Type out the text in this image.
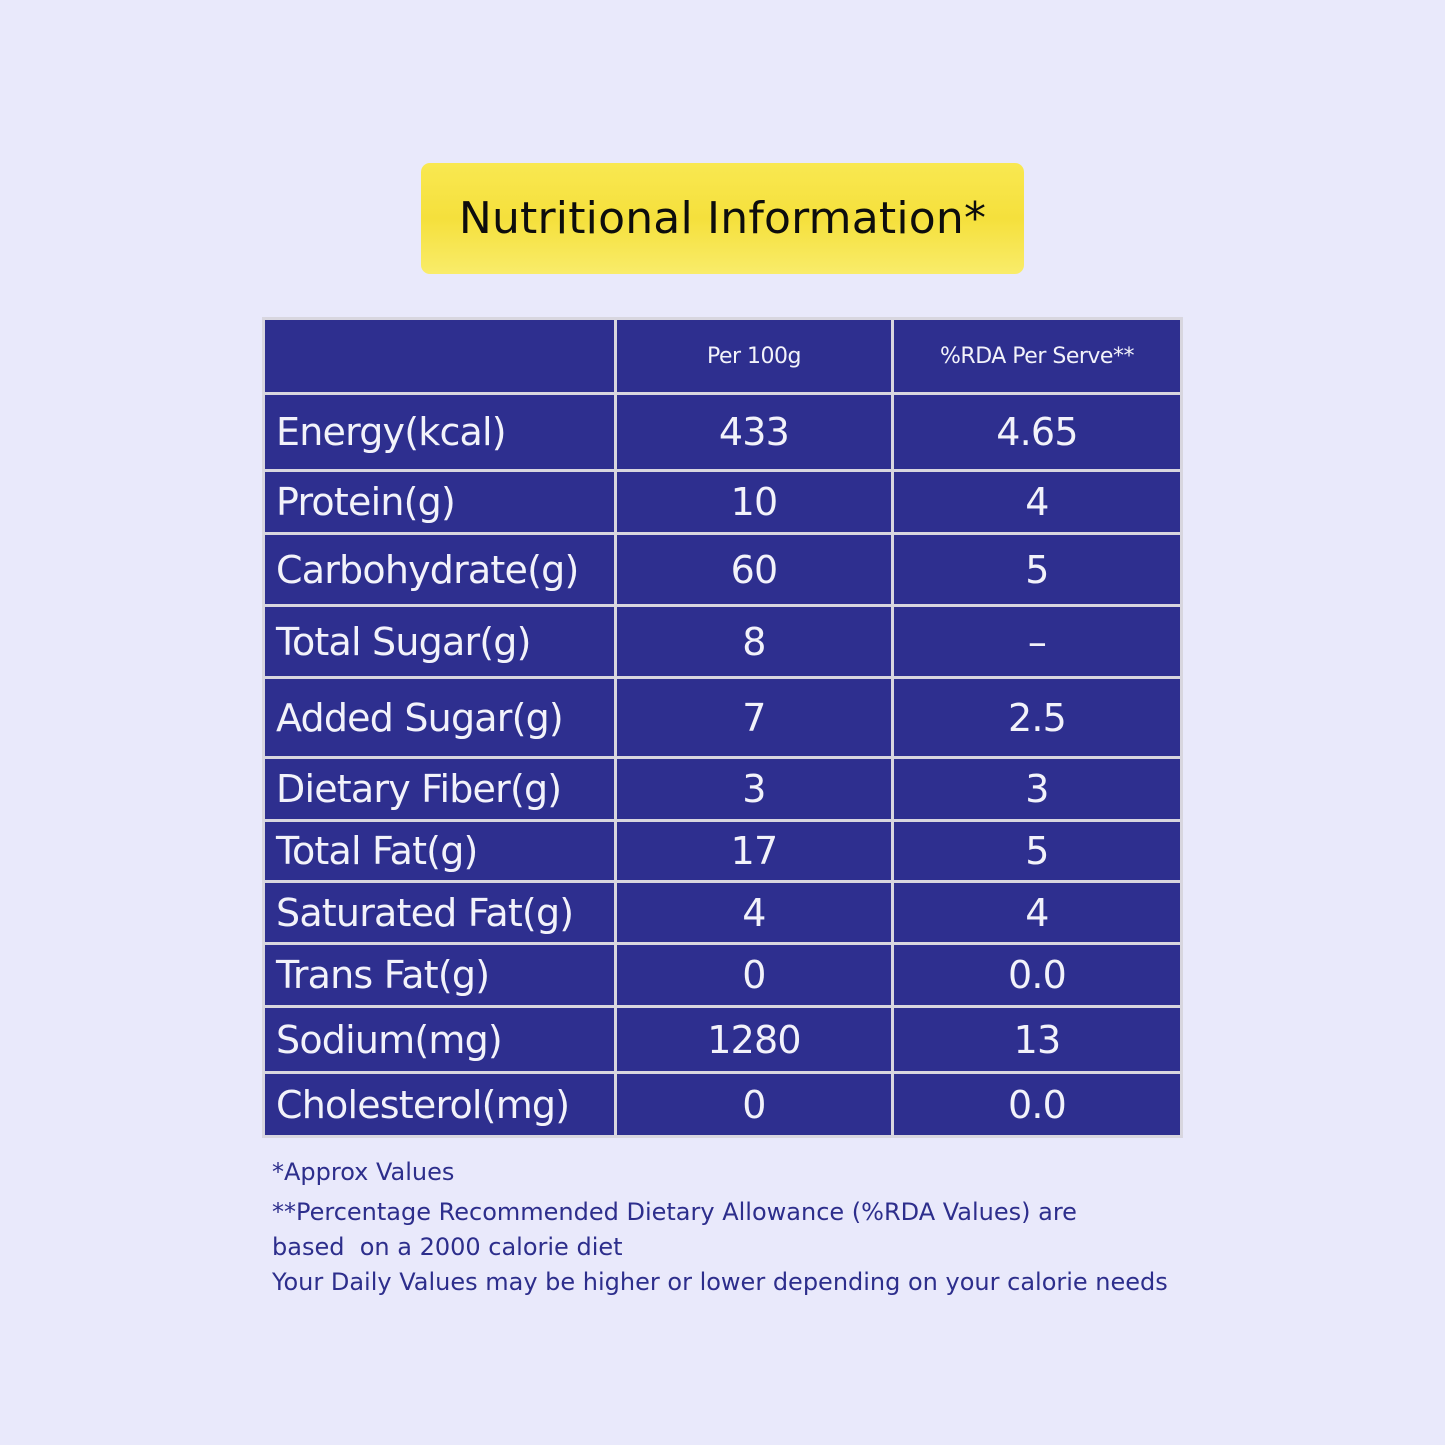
Nutritional Information*
	Per 100g	%RDA Per Serve**
Energy(kcal)	433	4.65
Protein(g)	10	4
Carbohydrate(g)	60	5
Total Sugar(g)	8	–
Added Sugar(g)	7	2.5
Dietary Fiber(g)	3	3
Total Fat(g)	17	5
Saturated Fat(g)	4	4
Trans Fat(g)	0	0.0
Sodium(mg)	1280	13
Cholesterol(mg)	0	0.0

*Approx Values

**Percentage Recommended Dietary Allowance (%RDA Values) are

based  on a 2000 calorie diet

Your Daily Values may be higher or lower depending on your calorie needs
